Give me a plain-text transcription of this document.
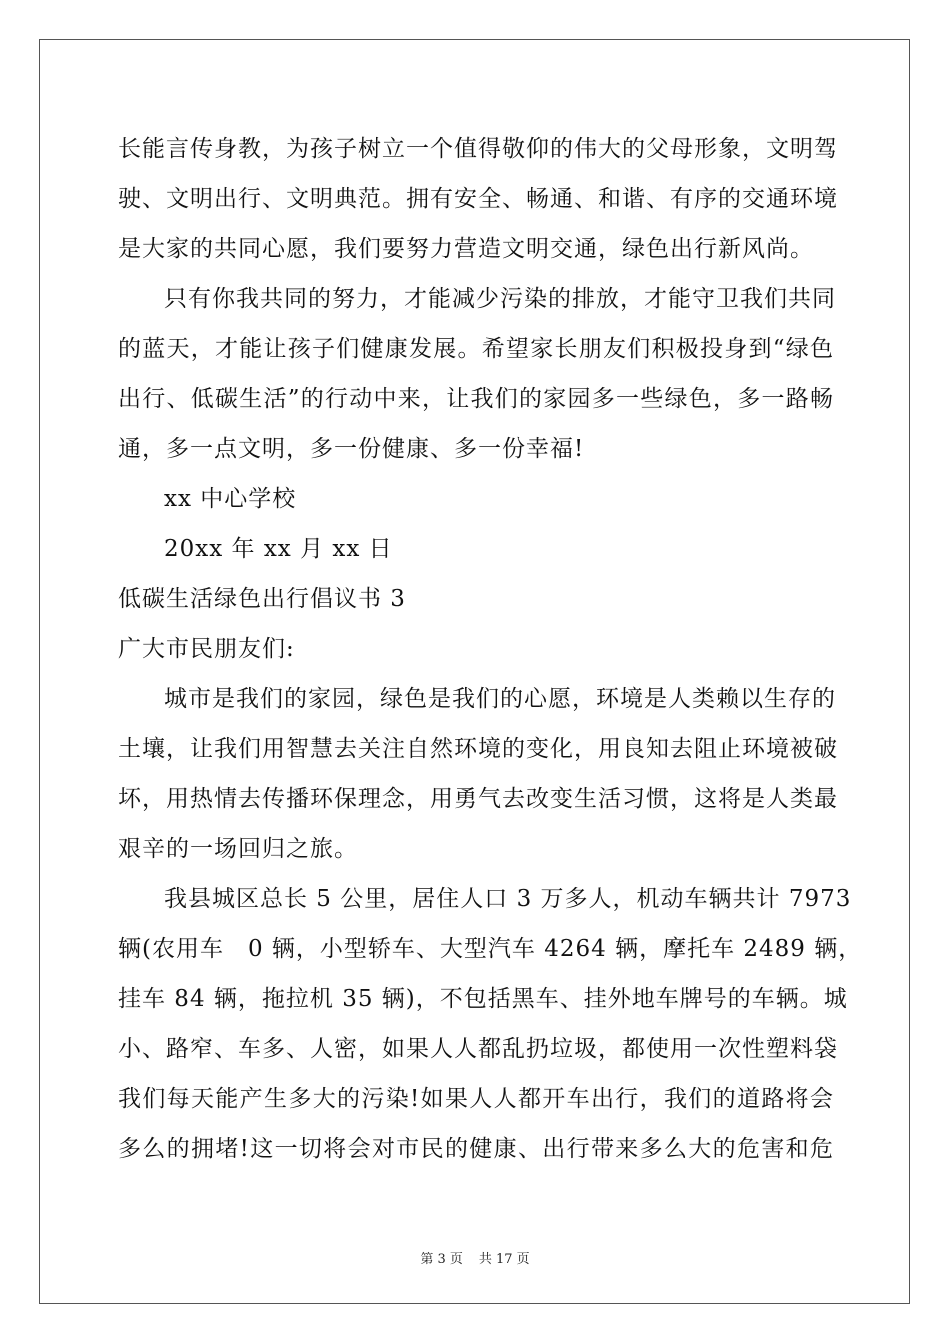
长能言传身教，为孩子树立一个值得敬仰的伟大的父母形象，文明驾
驶、文明出行、文明典范。拥有安全、畅通、和谐、有序的交通环境
是大家的共同心愿，我们要努力营造文明交通，绿色出行新风尚。
只有你我共同的努力，才能减少污染的排放，才能守卫我们共同
的蓝天，才能让孩子们健康发展。希望家长朋友们积极投身到“绿色
出行、低碳生活”的行动中来，让我们的家园多一些绿色，多一路畅
通，多一点文明，多一份健康、多一份幸福!
xx 中心学校
20xx 年 xx 月 xx 日
低碳生活绿色出行倡议书 3
广大市民朋友们:
城市是我们的家园，绿色是我们的心愿，环境是人类赖以生存的
土壤，让我们用智慧去关注自然环境的变化，用良知去阻止环境被破
坏，用热情去传播环保理念，用勇气去改变生活习惯，这将是人类最
艰辛的一场回归之旅。
我县城区总长 5 公里，居住人口 3 万多人，机动车辆共计 7973
辆(农用车　0 辆，小型轿车、大型汽车 4264 辆，摩托车 2489 辆，
挂车 84 辆，拖拉机 35 辆)，不包括黑车、挂外地车牌号的车辆。城
小、路窄、车多、人密，如果人人都乱扔垃圾，都使用一次性塑料袋
我们每天能产生多大的污染!如果人人都开车出行，我们的道路将会
多么的拥堵!这一切将会对市民的健康、出行带来多么大的危害和危
第 3 页 共 17 页
